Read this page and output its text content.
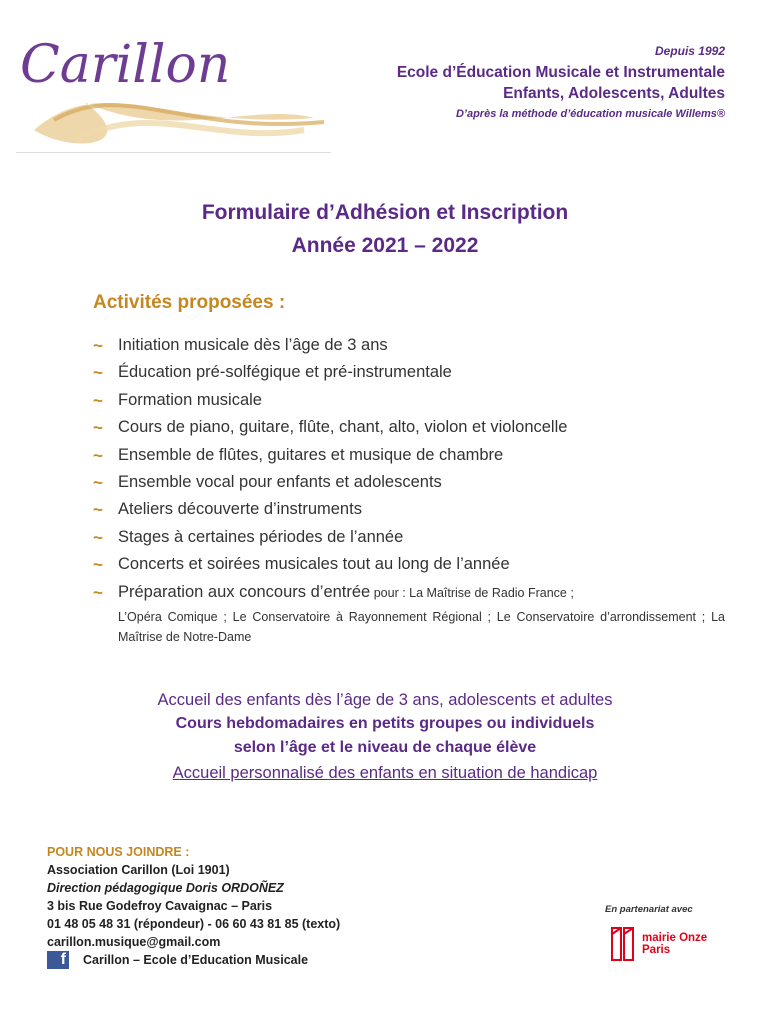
Carillon	Depuis 1992
Ecole d’Éducation Musicale et Instrumentale
Enfants, Adolescents, Adultes
D’après la méthode d’éducation musicale Willems®
Formulaire d’Adhésion et Inscription
Année 2021 – 2022
Activités proposées :
~ Initiation musicale dès l’âge de 3 ans
~ Éducation pré-solfégique et pré-instrumentale
~ Formation musicale
~ Cours de piano, guitare, flûte, chant, alto, violon et violoncelle
~ Ensemble de flûtes, guitares et musique de chambre
~ Ensemble vocal pour enfants et adolescents
~ Ateliers découverte d’instruments
~ Stages à certaines périodes de l’année
~ Concerts et soirées musicales tout au long de l’année
~ Préparation aux concours d’entrée pour : La Maîtrise de Radio France ;
L’Opéra Comique ; Le Conservatoire à Rayonnement Régional ; Le Conservatoire d’arrondissement ; La Maîtrise de Notre-Dame
Accueil des enfants dès l’âge de 3 ans, adolescents et adultes
Cours hebdomadaires en petits groupes ou individuels
selon l’âge et le niveau de chaque élève
Accueil personnalisé des enfants en situation de handicap
POUR NOUS JOINDRE :
Association Carillon (Loi 1901)
Direction pédagogique Doris ORDOÑEZ
3 bis Rue Godefroy Cavaignac – Paris
01 48 05 48 31 (répondeur) - 06 60 43 81 85 (texto)
carillon.musique@gmail.com
f Carillon – Ecole d’Education Musicale
En partenariat avec
mairie Onze
Paris
